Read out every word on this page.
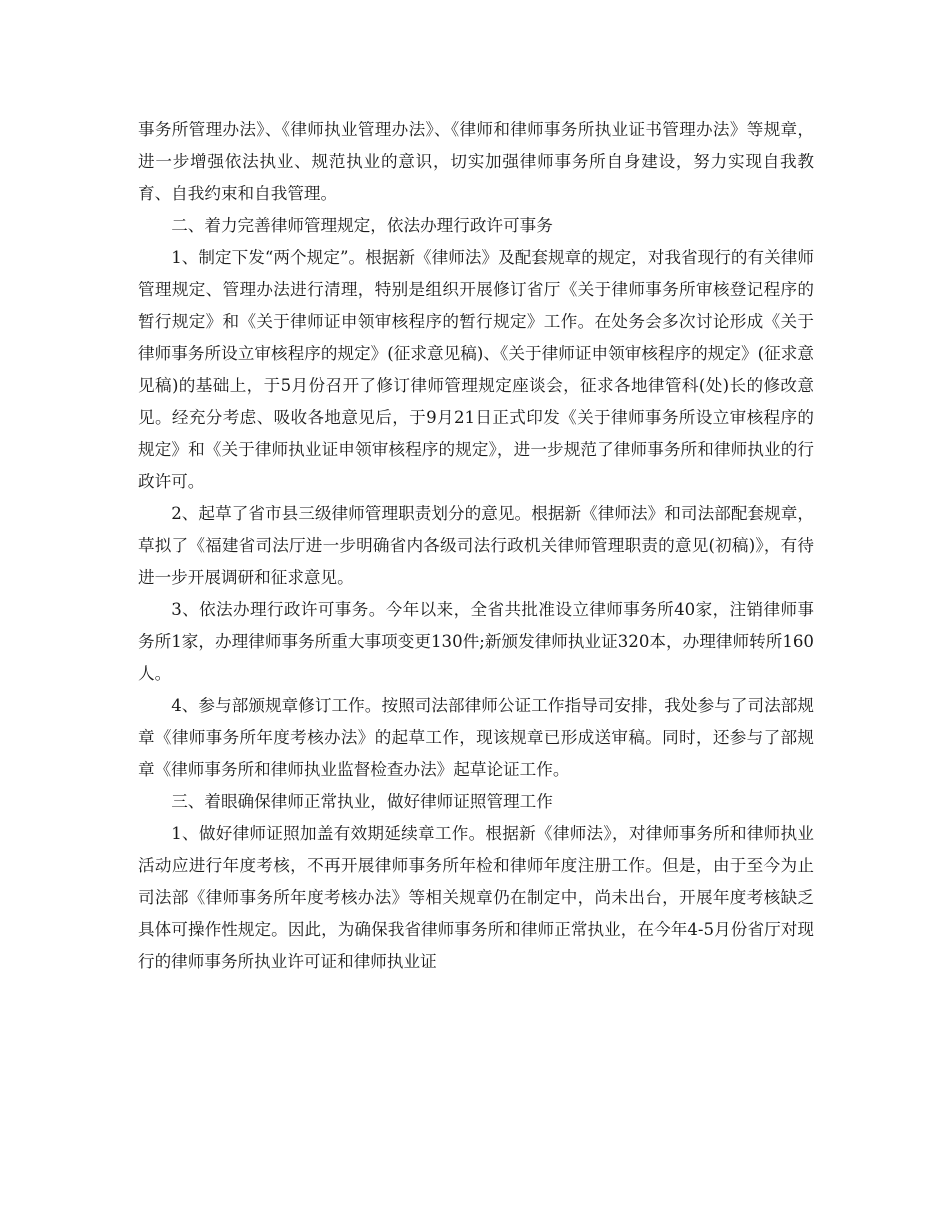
事务所管理办法》、《律师执业管理办法》、《律师和律师事务所执业证书管理办法》等规章，进一步增强依法执业、规范执业的意识，切实加强律师事务所自身建设，努力实现自我教育、自我约束和自我管理。

二、着力完善律师管理规定，依法办理行政许可事务

1、制定下发“两个规定”。根据新《律师法》及配套规章的规定，对我省现行的有关律师管理规定、管理办法进行清理，特别是组织开展修订省厅《关于律师事务所审核登记程序的暂行规定》和《关于律师证申领审核程序的暂行规定》工作。在处务会多次讨论形成《关于律师事务所设立审核程序的规定》(征求意见稿)、《关于律师证申领审核程序的规定》(征求意见稿)的基础上，于5月份召开了修订律师管理规定座谈会，征求各地律管科(处)长的修改意见。经充分考虑、吸收各地意见后，于9月21日正式印发《关于律师事务所设立审核程序的规定》和《关于律师执业证申领审核程序的规定》，进一步规范了律师事务所和律师执业的行政许可。

2、起草了省市县三级律师管理职责划分的意见。根据新《律师法》和司法部配套规章，草拟了《福建省司法厅进一步明确省内各级司法行政机关律师管理职责的意见(初稿)》，有待进一步开展调研和征求意见。

3、依法办理行政许可事务。今年以来，全省共批准设立律师事务所40家，注销律师事务所1家，办理律师事务所重大事项变更130件;新颁发律师执业证320本，办理律师转所160人。

4、参与部颁规章修订工作。按照司法部律师公证工作指导司安排，我处参与了司法部规章《律师事务所年度考核办法》的起草工作，现该规章已形成送审稿。同时，还参与了部规章《律师事务所和律师执业监督检查办法》起草论证工作。

三、着眼确保律师正常执业，做好律师证照管理工作

1、做好律师证照加盖有效期延续章工作。根据新《律师法》，对律师事务所和律师执业活动应进行年度考核，不再开展律师事务所年检和律师年度注册工作。但是，由于至今为止司法部《律师事务所年度考核办法》等相关规章仍在制定中，尚未出台，开展年度考核缺乏具体可操作性规定。因此，为确保我省律师事务所和律师正常执业，在今年4-5月份省厅对现行的律师事务所执业许可证和律师执业证
